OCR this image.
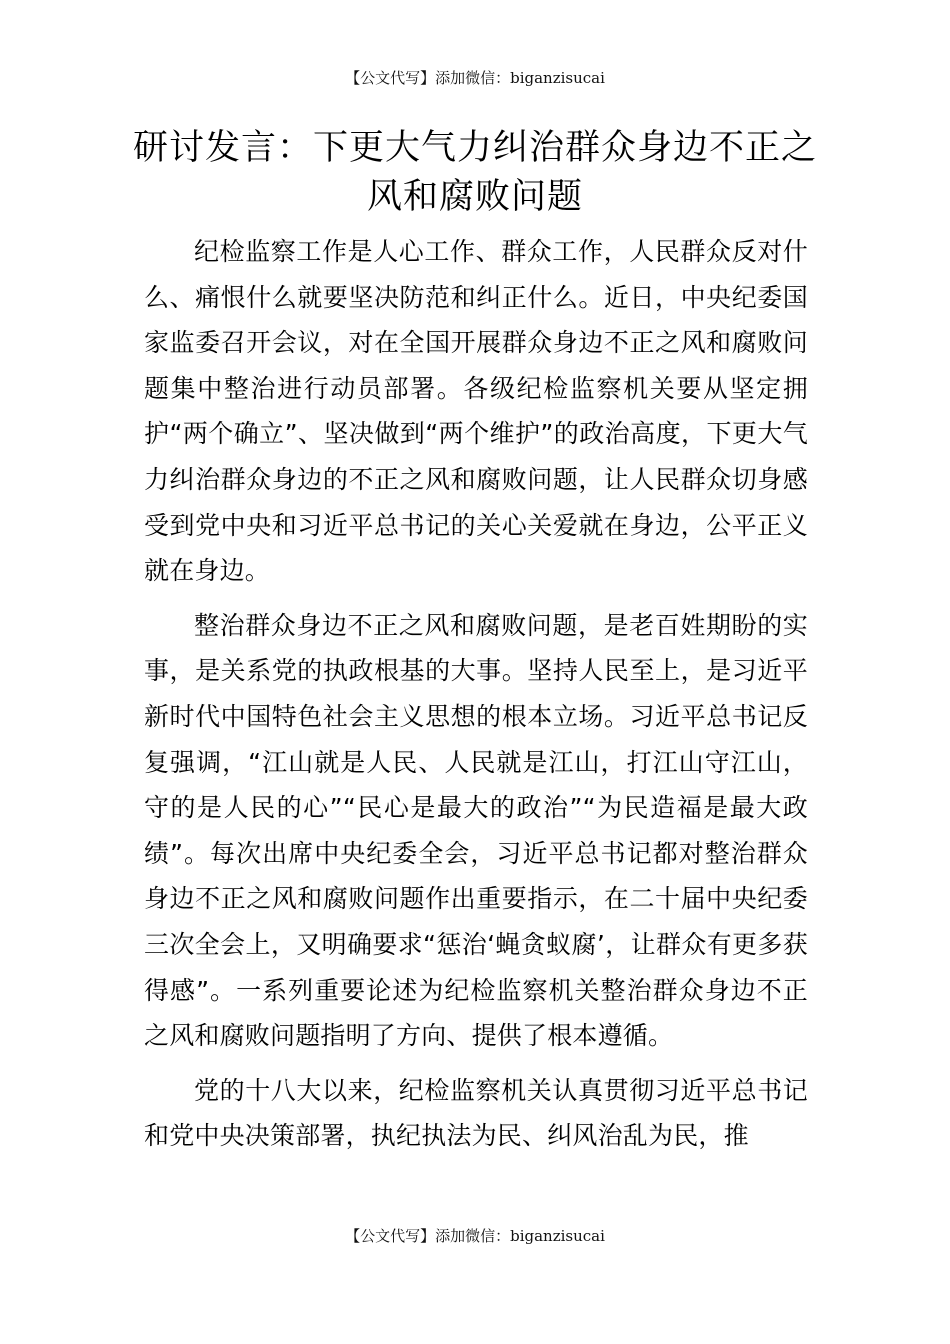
【公文代写】添加微信：biganzisucai
研讨发言：下更大气力纠治群众身边不正之
风和腐败问题

纪检监察工作是人心工作、群众工作，人民群众反对什么、痛恨什么就要坚决防范和纠正什么。近日，中央纪委国家监委召开会议，对在全国开展群众身边不正之风和腐败问题集中整治进行动员部署。各级纪检监察机关要从坚定拥护“两个确立”、坚决做到“两个维护”的政治高度，下更大气力纠治群众身边的不正之风和腐败问题，让人民群众切身感受到党中央和习近平总书记的关心关爱就在身边，公平正义就在身边。

整治群众身边不正之风和腐败问题，是老百姓期盼的实事，是关系党的执政根基的大事。坚持人民至上，是习近平新时代中国特色社会主义思想的根本立场。习近平总书记反复强调，“江山就是人民、人民就是江山，打江山守江山，守的是人民的心”“民心是最大的政治”“为民造福是最大政绩”。每次出席中央纪委全会，习近平总书记都对整治群众身边不正之风和腐败问题作出重要指示，在二十届中央纪委三次全会上，又明确要求“惩治‘蝇贪蚁腐’，让群众有更多获得感”。一系列重要论述为纪检监察机关整治群众身边不正之风和腐败问题指明了方向、提供了根本遵循。

党的十八大以来，纪检监察机关认真贯彻习近平总书记和党中央决策部署，执纪执法为民、纠风治乱为民，推

【公文代写】添加微信：biganzisucai
